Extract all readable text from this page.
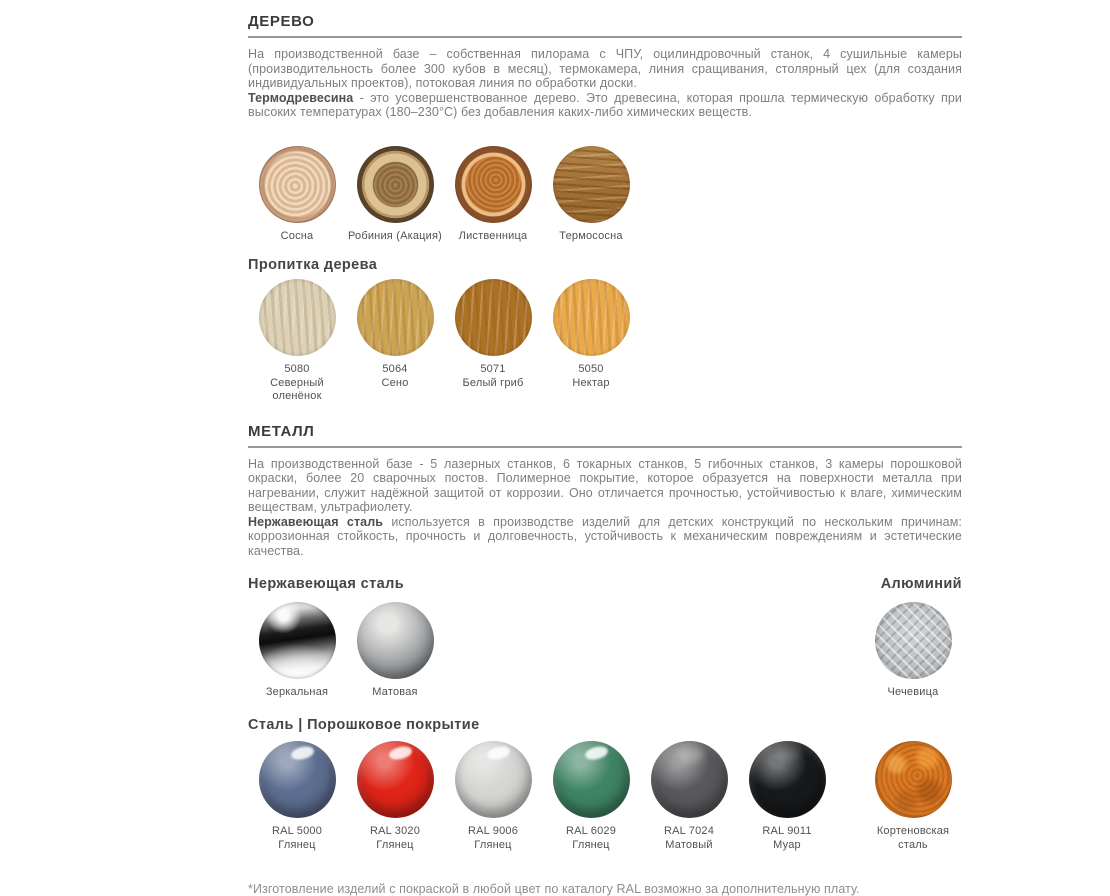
ДЕРЕВО

На производственной базе – собственная пилорама с ЧПУ, оцилиндровочный станок, 4 сушильные камеры (производительность более 300 кубов в месяц), термокамера, линия сращивания, столярный цех (для создания индивидуальных проектов), потоковая линия по обработки доски.

Термодревесина - это усовершенствованное дерево. Это древесина, которая прошла термическую обработку при высоких температурах (180–230°С) без добавления каких-либо химических веществ.

Сосна	Робиния (Акация) Лиственница	Термососна
Пропитка дерева
5080
Северный оленёнок
5064
Сено
5071
Белый гриб
5050
Нектар
МЕТАЛЛ

На производственной базе - 5 лазерных станков, 6 токарных станков, 5 гибочных станков, 3 камеры порошковой окраски, более 20 сварочных постов. Полимерное покрытие, которое образуется на поверхности металла при нагревании, служит надёжной защитой от коррозии. Оно отличается прочностью, устойчивостью к влаге, химическим веществам, ультрафиолету.

Нержавеющая сталь используется в производстве изделий для детских конструкций по нескольким причинам: коррозионная стойкость, прочность и долговечность, устойчивость к механическим повреждениям и эстетические качества.

Нержавеющая сталь	Алюминий
Зеркальная	Матовая	Чечевица
Сталь | Порошковое покрытие
RAL 5000
Глянец
RAL 3020
Глянец
RAL 9006
Глянец
RAL 6029
Глянец
RAL 7024
Матовый
RAL 9011
Муар
Кортеновская
сталь

*Изготовление изделий с покраской в любой цвет по каталогу RAL возможно за дополнительную плату.
